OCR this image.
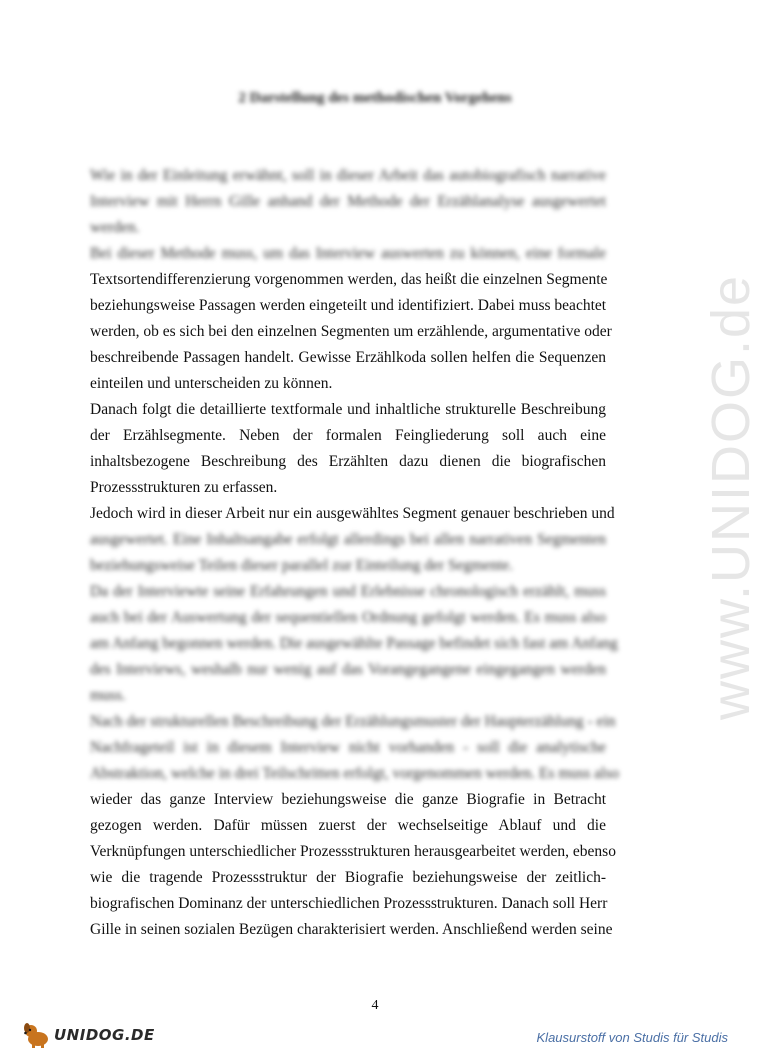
www.UNIDOG.de
2 Darstellung des methodischen Vorgehens
Wie in der Einleitung erwähnt, soll in dieser Arbeit das autobiografisch narrative
Interview mit Herrn Gille anhand der Methode der Erzählanalyse ausgewertet
werden.
Bei dieser Methode muss, um das Interview auswerten zu können, eine formale
Textsortendifferenzierung vorgenommen werden, das heißt die einzelnen Segmente
beziehungsweise Passagen werden eingeteilt und identifiziert. Dabei muss beachtet
werden, ob es sich bei den einzelnen Segmenten um erzählende, argumentative oder
beschreibende Passagen handelt. Gewisse Erzählkoda sollen helfen die Sequenzen
einteilen und unterscheiden zu können.
Danach folgt die detaillierte textformale und inhaltliche strukturelle Beschreibung
der Erzählsegmente. Neben der formalen Feingliederung soll auch eine
inhaltsbezogene Beschreibung des Erzählten dazu dienen die biografischen
Prozessstrukturen zu erfassen.
Jedoch wird in dieser Arbeit nur ein ausgewähltes Segment genauer beschrieben und
ausgewertet. Eine Inhaltsangabe erfolgt allerdings bei allen narrativen Segmenten
beziehungsweise Teilen dieser parallel zur Einteilung der Segmente.
Da der Interviewte seine Erfahrungen und Erlebnisse chronologisch erzählt, muss
auch bei der Auswertung der sequentiellen Ordnung gefolgt werden. Es muss also
am Anfang begonnen werden. Die ausgewählte Passage befindet sich fast am Anfang
des Interviews, weshalb nur wenig auf das Vorangegangene eingegangen werden
muss.
Nach der strukturellen Beschreibung der Erzählungsmuster der Haupterzählung - ein
Nachfrageteil ist in diesem Interview nicht vorhanden - soll die analytische
Abstraktion, welche in drei Teilschritten erfolgt, vorgenommen werden. Es muss also
wieder das ganze Interview beziehungsweise die ganze Biografie in Betracht
gezogen werden. Dafür müssen zuerst der wechselseitige Ablauf und die
Verknüpfungen unterschiedlicher Prozessstrukturen herausgearbeitet werden, ebenso
wie die tragende Prozessstruktur der Biografie beziehungsweise der zeitlich-
biografischen Dominanz der unterschiedlichen Prozessstrukturen. Danach soll Herr
Gille in seinen sozialen Bezügen charakterisiert werden. Anschließend werden seine
4
UNIDOG.DE	Klausurstoff von Studis für Studis
